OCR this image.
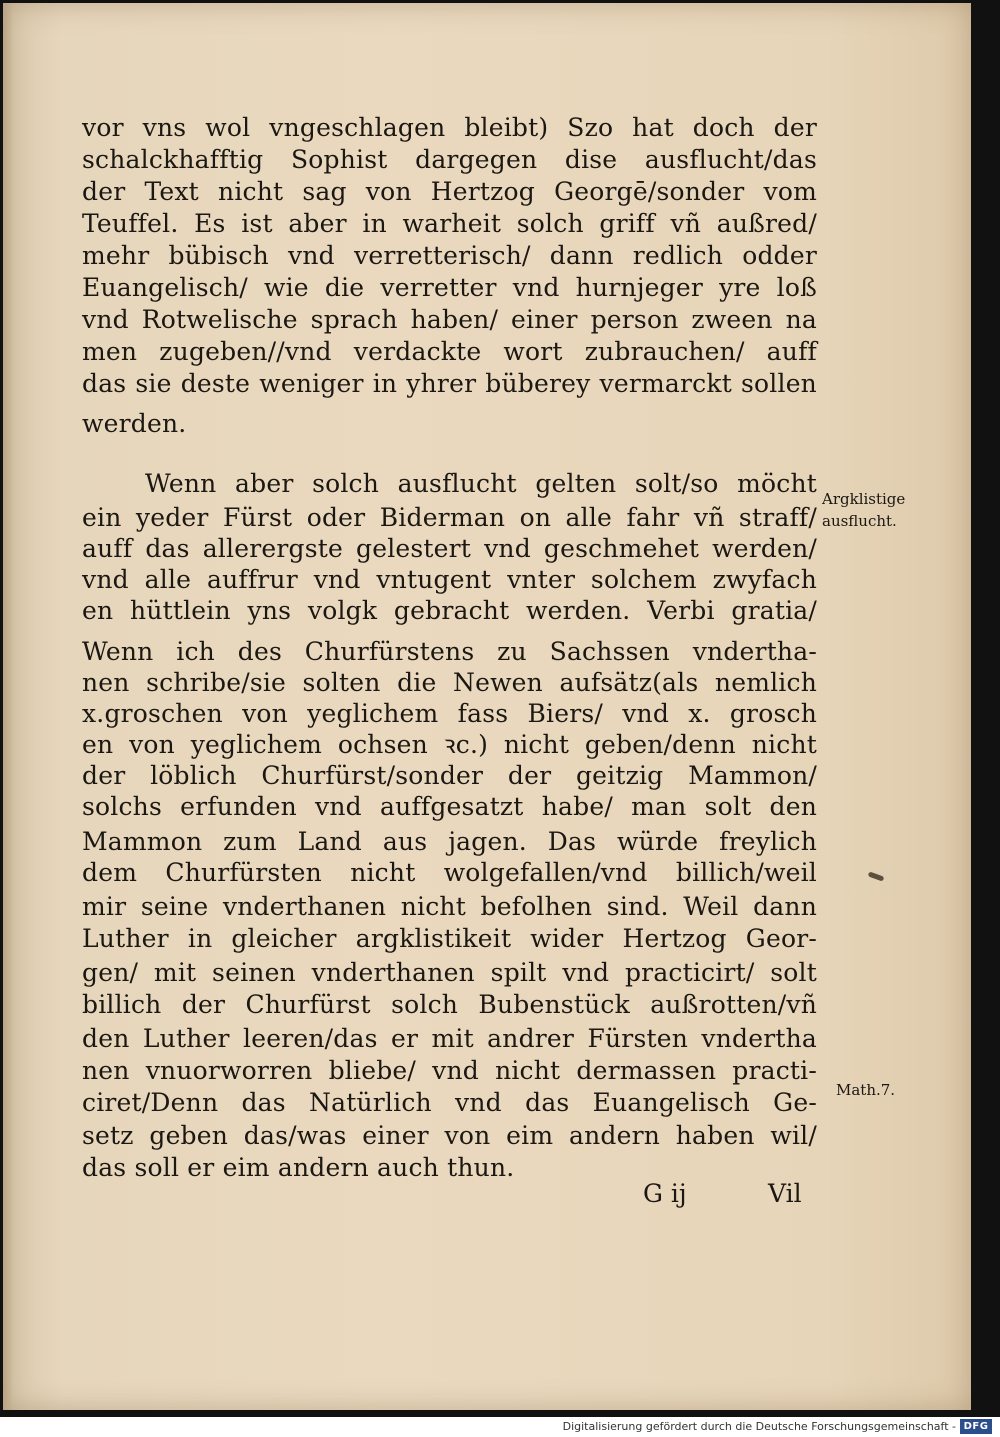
vor vns wol vngeschlagen bleibt) Szo hat doch der

schalckhafftig Sophist dargegen dise ausflucht/das

der Text nicht sag von Hertzog Georgē/sonder vom

Teuffel. Es ist aber in warheit solch griff vñ außred/

mehr bübisch vnd verretterisch/ dann redlich odder

Euangelisch/ wie die verretter vnd hurnjeger yre loß

vnd Rotwelische sprach haben/ einer person zween na

men zugeben//vnd verdackte wort zubrauchen/ auff

das sie deste weniger in yhrer büberey vermarckt sollen

werden.

Wenn aber solch ausflucht gelten solt/so möcht

ein yeder Fürst oder Biderman on alle fahr vñ straff/

auff das allerergste gelestert vnd geschmehet werden/

vnd alle auffrur vnd vntugent vnter solchem zwyfach

en hüttlein yns volgk gebracht werden. Verbi gratia/

Wenn ich des Churfürstens zu Sachssen vndertha-

nen schribe/sie solten die Newen aufsätz(als nemlich

x.groschen von yeglichem fass Biers/ vnd x. grosch

en von yeglichem ochsen ꝛc.) nicht geben/denn nicht

der löblich Churfürst/sonder der geitzig Mammon/

solchs erfunden vnd auffgesatzt habe/ man solt den

Mammon zum Land aus jagen. Das würde freylich

dem Churfürsten nicht wolgefallen/vnd billich/weil

mir seine vnderthanen nicht befolhen sind. Weil dann

Luther in gleicher argklistikeit wider Hertzog Geor-

gen/ mit seinen vnderthanen spilt vnd practicirt/ solt

billich der Churfürst solch Bubenstück außrotten/vñ

den Luther leeren/das er mit andrer Fürsten vndertha

nen vnuorworren bliebe/ vnd nicht dermassen practi-

ciret/Denn das Natürlich vnd das Euangelisch Ge-

setz geben das/was einer von eim andern haben wil/

das soll er eim andern auch thun.

Argklistige
ausflucht.
Math.7.
G ij	Vil
Digitalisierung gefördert durch die Deutsche Forschungsgemeinschaft - DFG
